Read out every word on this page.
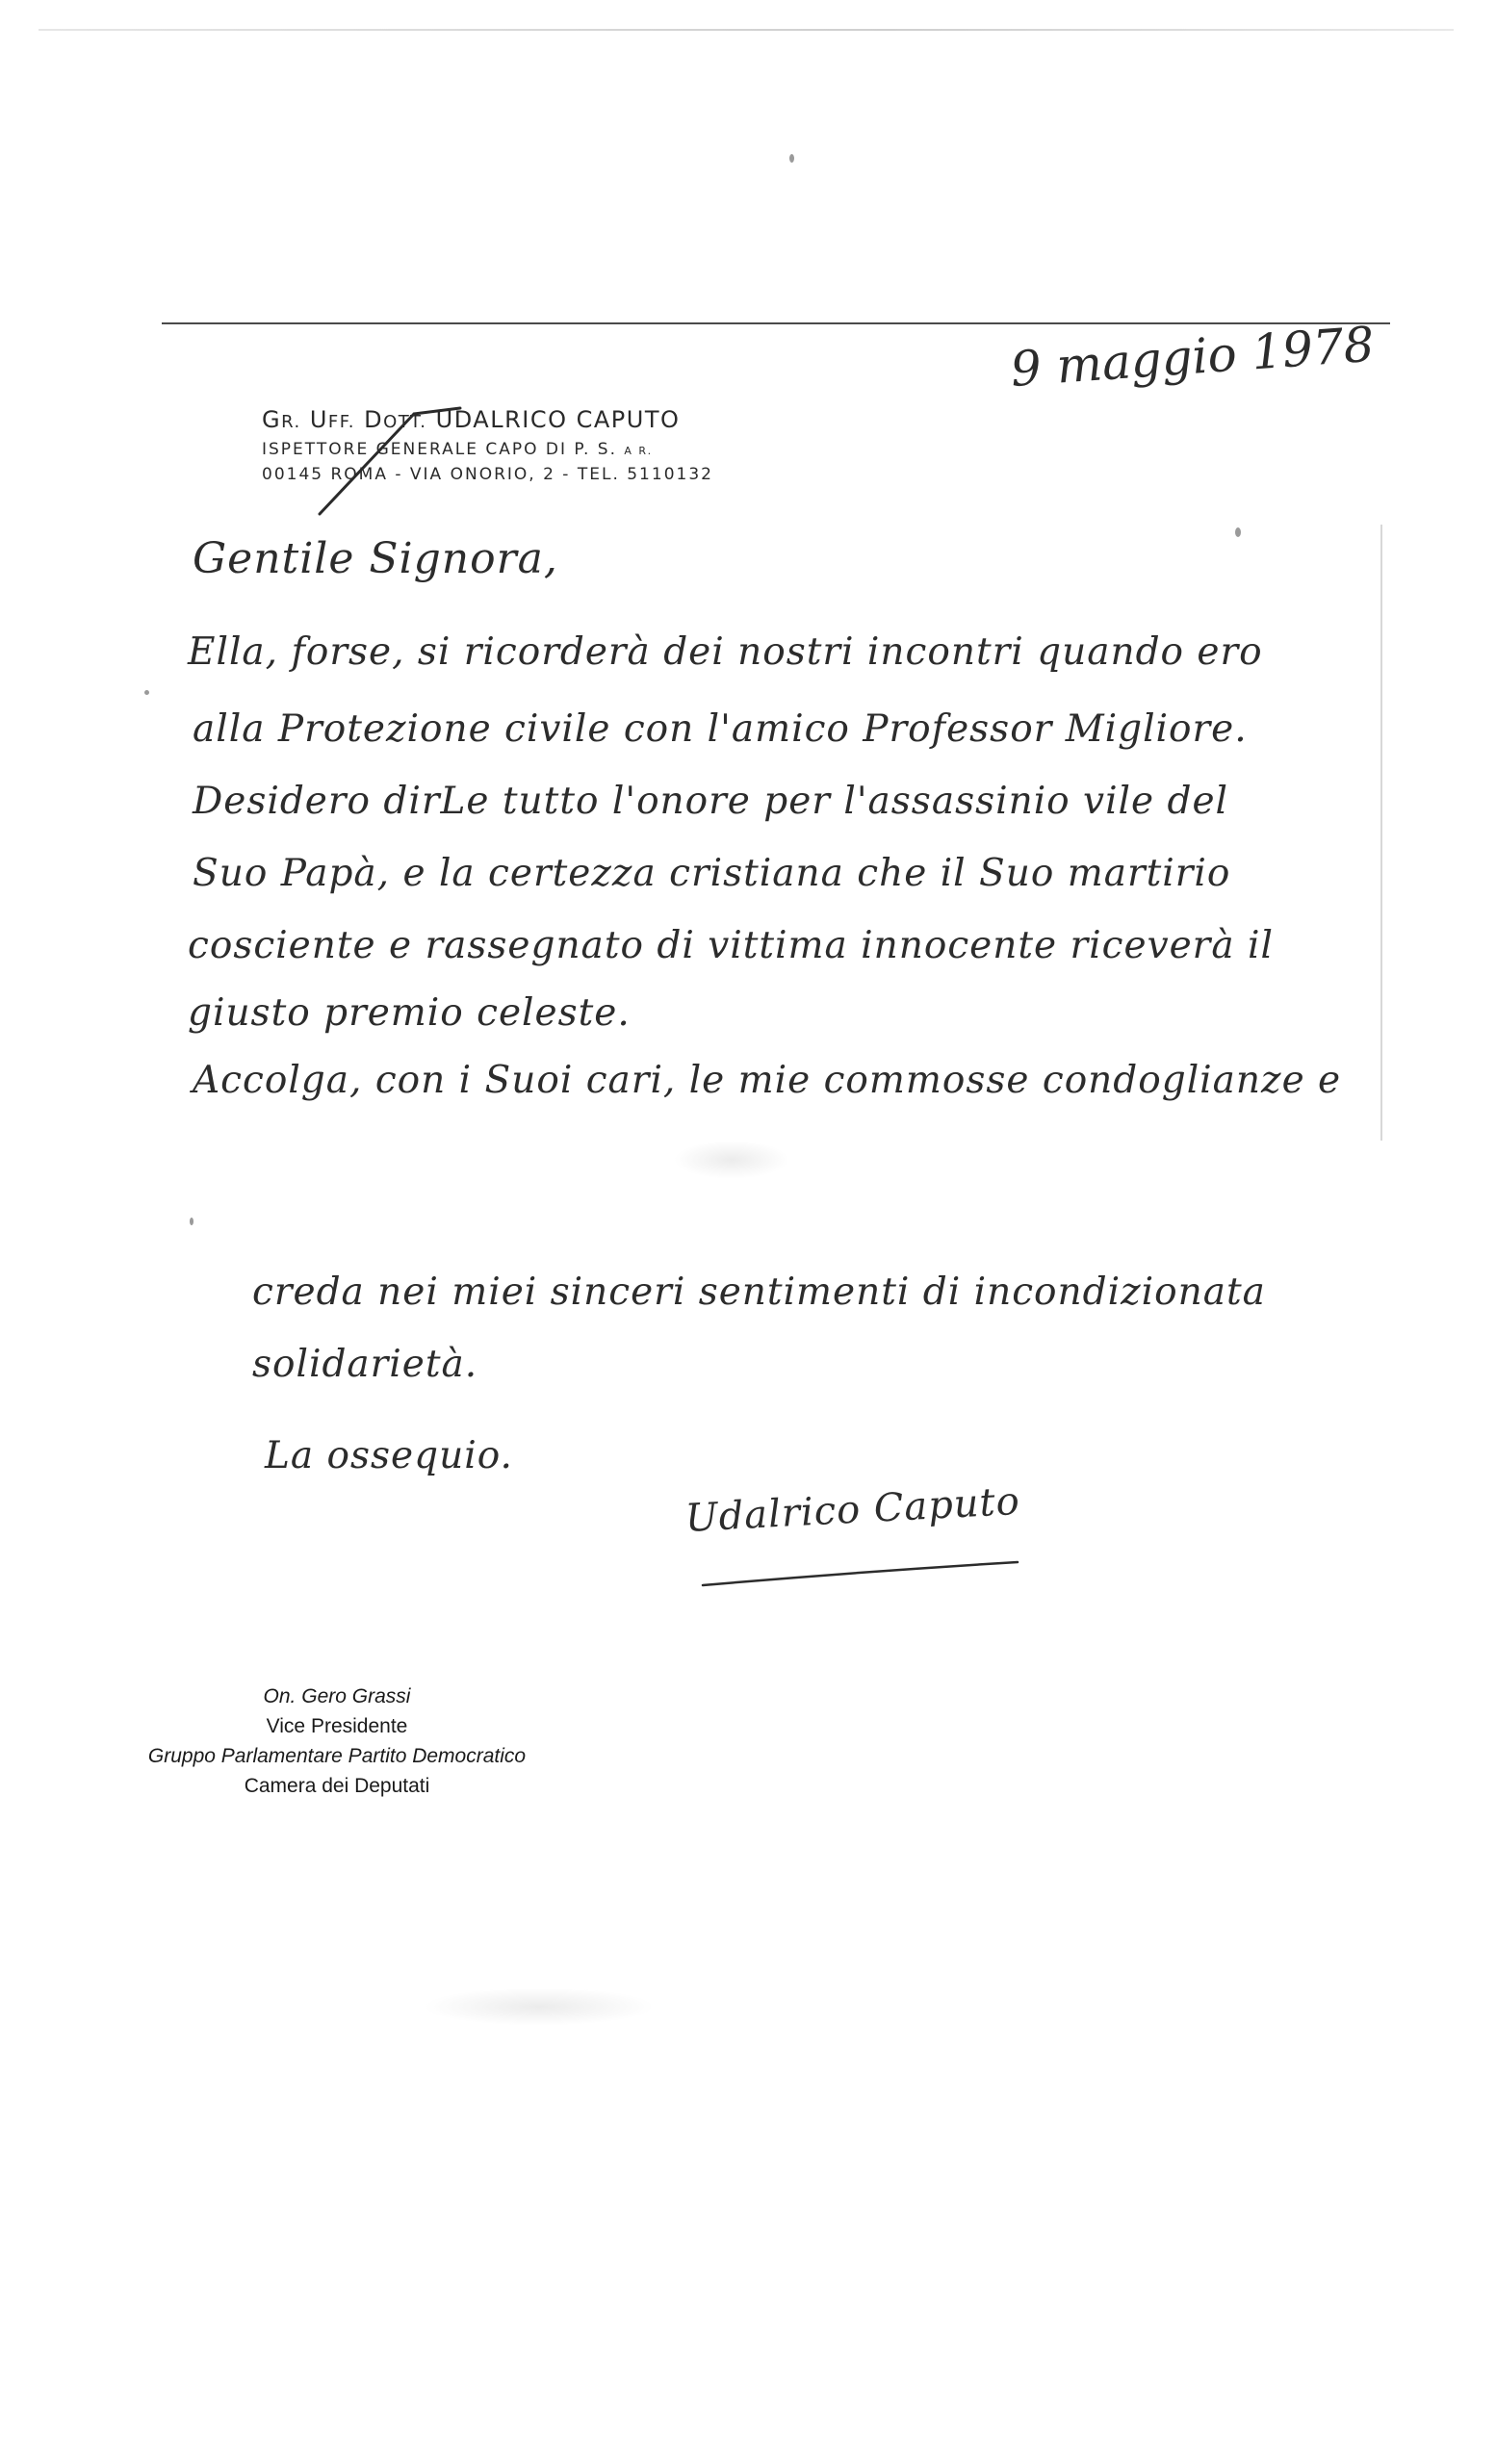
GR. UFF. DOTT. UDALRICO CAPUTO
ISPETTORE GENERALE CAPO DI P. S. A R.
00145 ROMA - VIA ONORIO, 2 - TEL. 5110132
9 maggio 1978
Gentile Signora,
Ella, forse, si ricorderà dei nostri incontri quando ero
alla Protezione civile con l'amico Professor Migliore.
Desidero dirLe tutto l'onore per l'assassinio vile del
Suo Papà, e la certezza cristiana che il Suo martirio
cosciente e rassegnato di vittima innocente riceverà il
giusto premio celeste.
Accolga, con i Suoi cari, le mie commosse condoglianze e
creda nei miei sinceri sentimenti di incondizionata
solidarietà.
La ossequio.
Udalrico Caputo
On. Gero Grassi
Vice Presidente
Gruppo Parlamentare Partito Democratico
Camera dei Deputati
